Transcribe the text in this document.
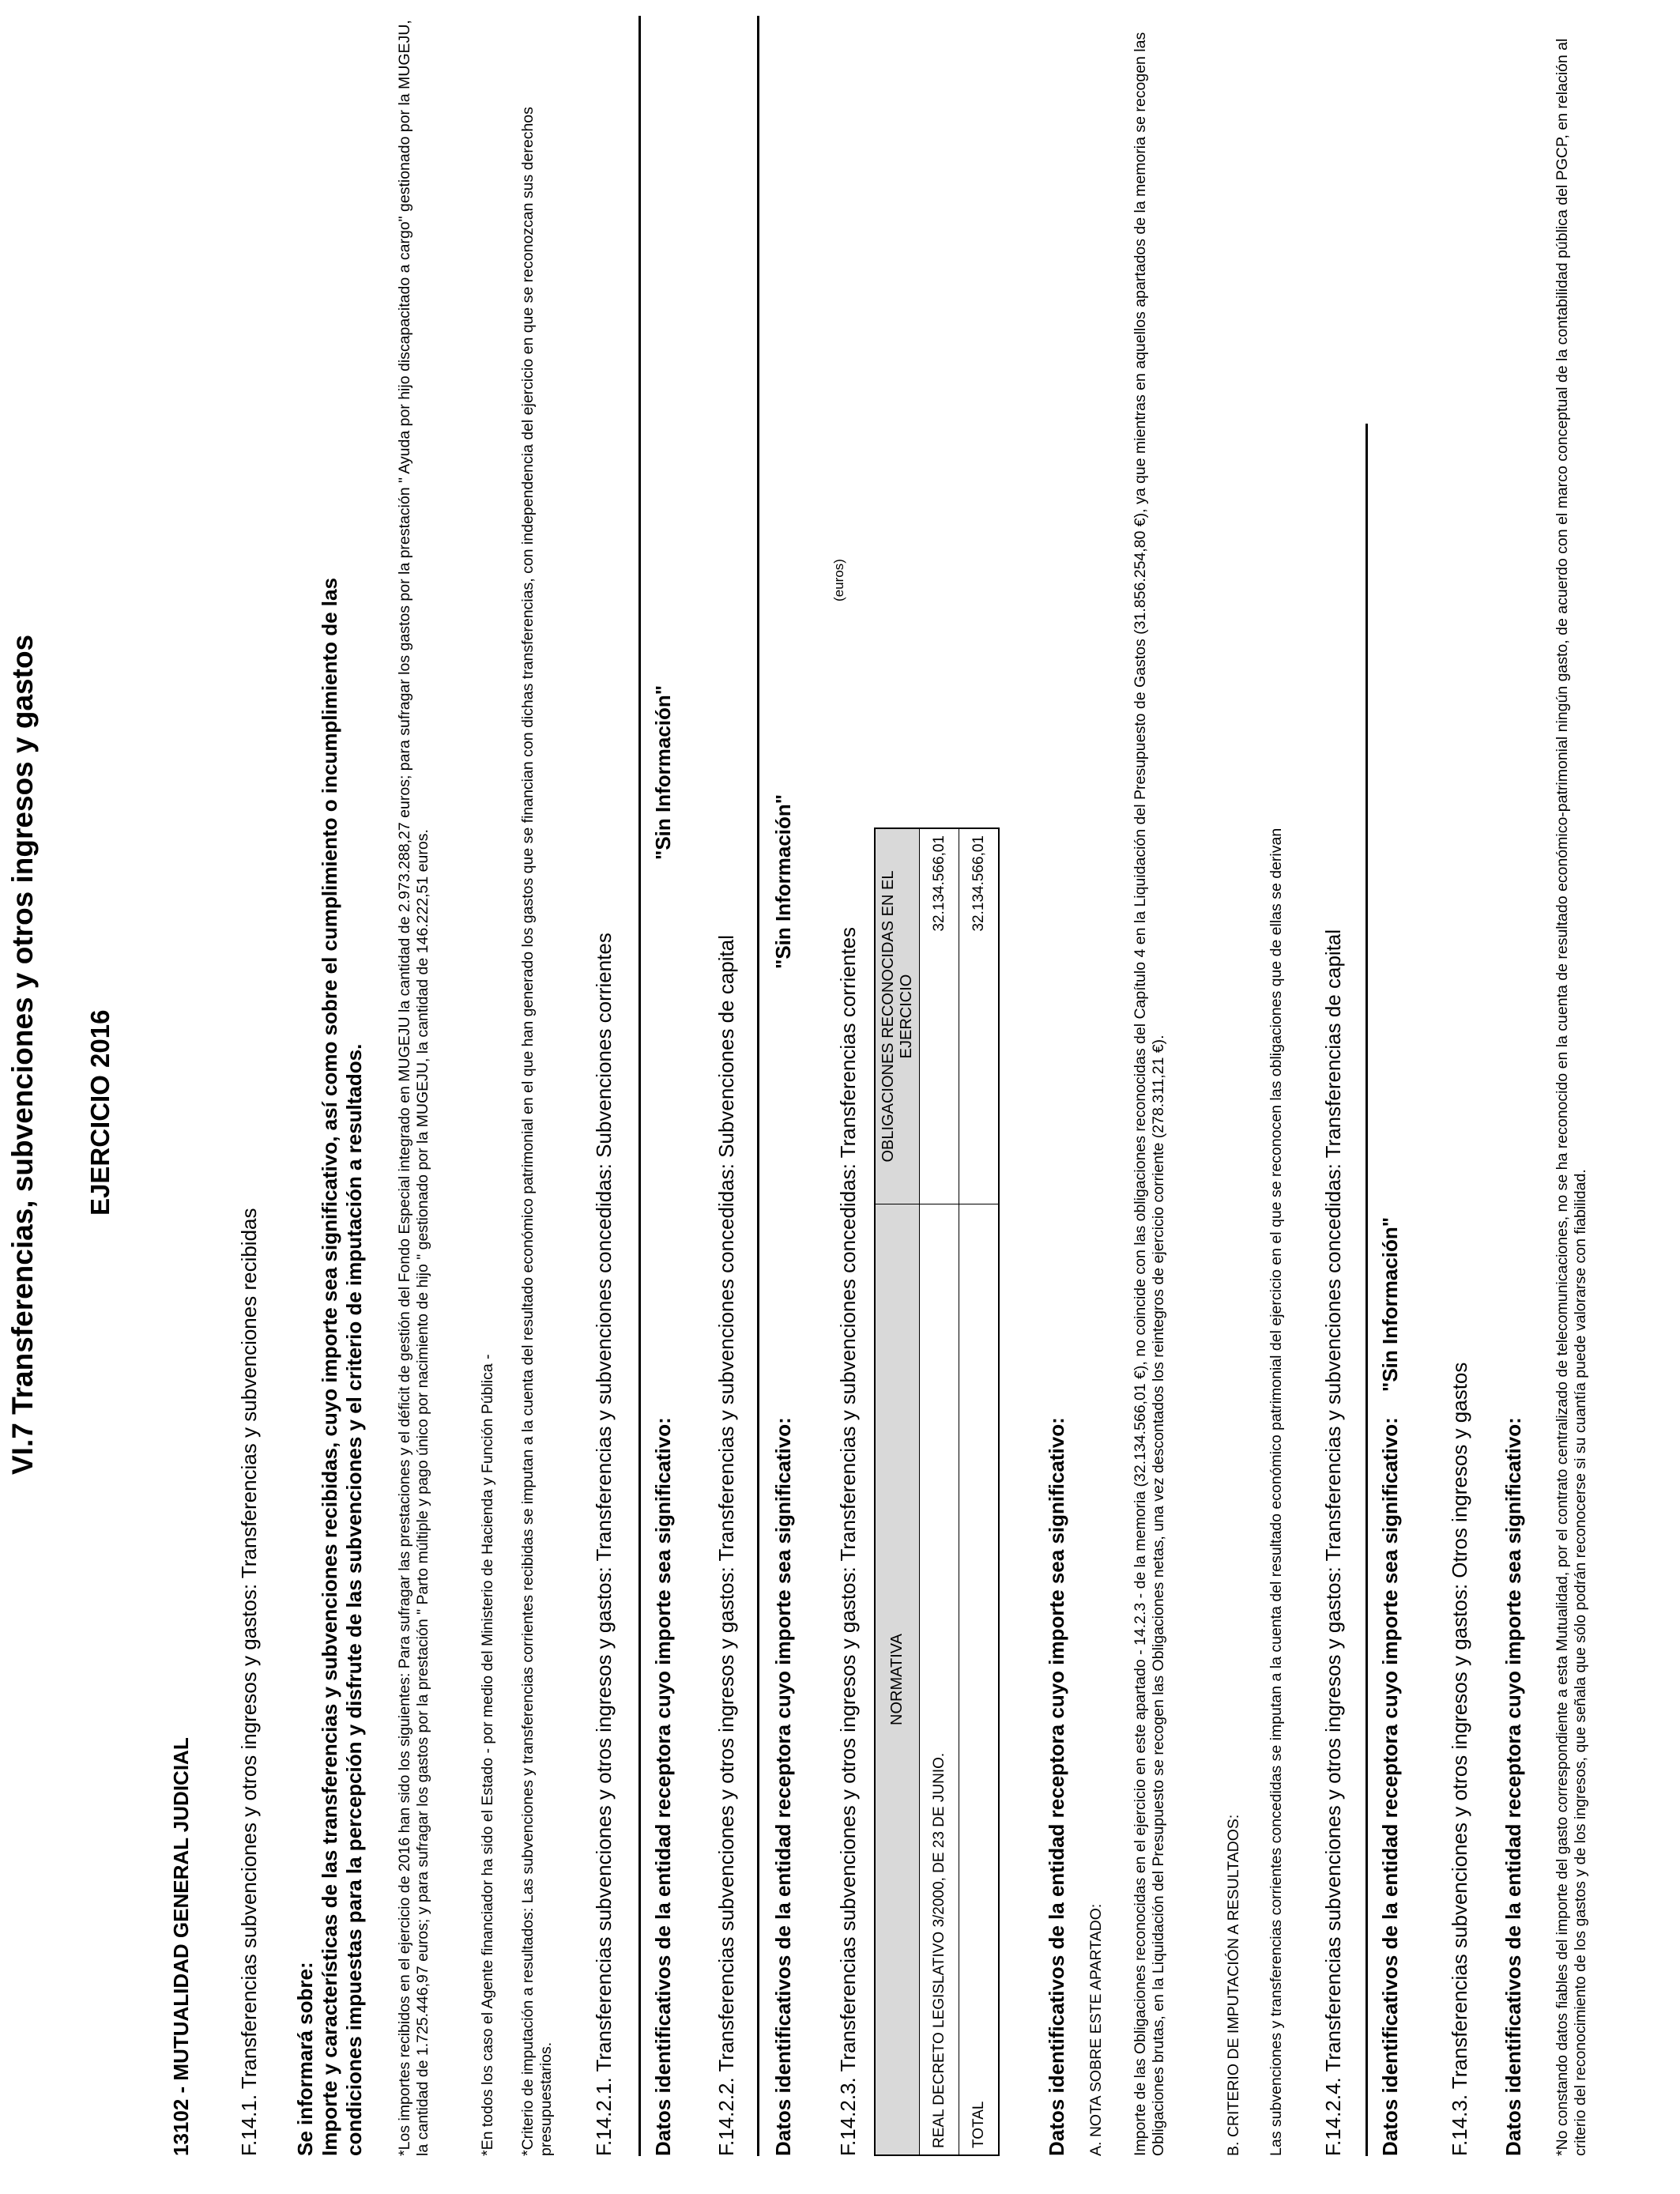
VI.7 Transferencias, subvenciones y otros ingresos y gastos EJERCICIO 2016
13102 - MUTUALIDAD GENERAL JUDICIAL F.14.1. Transferencias subvenciones y otros ingresos y gastos: Transferencias y subvenciones recibidas Se informará sobre: Importe y características de las transferencias y subvenciones recibidas, cuyo importe sea significativo, así como sobre el cumplimiento o incumplimiento de las condiciones impuestas para la percepción y disfrute de las subvenciones y el criterio de imputación a resultados. *Los importes recibidos en el ejercicio de 2016 han sido los siguientes: Para sufragar las prestaciones y el déficit de gestión del Fondo Especial integrado en MUGEJU la cantidad de 2.973.288,27 euros; para sufragar los gastos por la prestación " Ayuda por hijo discapacitado a cargo" gestionado por la MUGEJU, la cantidad de 1.725.446,97 euros; y para sufragar los gastos por la prestación " Parto múltiple y pago único por nacimiento de hijo " gestionado por la MUGEJU, la cantidad de 146.222,51 euros.	*En todos los caso el Agente financiador ha sido el Estado - por medio del Ministerio de Hacienda y Función Pública - *Criterio de imputación a resultados: Las subvenciones y transferencias corrientes recibidas se imputan a la cuenta del resultado económico patrimonial en el que han generado los gastos que se financian con dichas transferencias, con independencia del ejercicio en que se reconozcan sus derechos presupuestarios. F.14.2.1. Transferencias subvenciones y otros ingresos y gastos: Transferencias y subvenciones concedidas: Subvenciones corrientes Datos identificativos de la entidad receptora cuyo importe sea significativo:
"Sin Información"
F.14.2.2. Transferencias subvenciones y otros ingresos y gastos: Transferencias y subvenciones concedidas: Subvenciones de capital Datos identificativos de la entidad receptora cuyo importe sea significativo:
"Sin Información"
F.14.2.3. Transferencias subvenciones y otros ingresos y gastos: Transferencias y subvenciones concedidas: Transferencias corrientes
(euros)
NORMATIVA	OBLIGACIONES RECONOCIDAS EN EL EJERCICIO
REAL DECRETO LEGISLATIVO 3/2000, DE 23 DE JUNIO.	32.134.566,01
TOTAL	32.134.566,01
Datos identificativos de la entidad receptora cuyo importe sea significativo: A. NOTA SOBRE ESTE APARTADO: Importe de las Obligaciones reconocidas en el ejercicio en este apartado - 14.2.3 - de la memoria (32.134.566,01 €), no coincide con las obligaciones reconocidas del Capítulo 4 en la Liquidación del Presupuesto de Gastos (31.856.254,80 €), ya que mientras en aquellos apartados de la memoria se recogen las Obligaciones brutas, en la Liquidación del Presupuesto se recogen las Obligaciones netas, una vez descontados los reintegros de ejercicio corriente (278.311,21 €).	B. CRITERIO DE IMPUTACIÓN A RESULTADOS: Las subvenciones y transferencias corrientes concedidas se imputan a la cuenta del resultado económico patrimonial del ejercicio en el que se reconocen las obligaciones que de ellas se derivan F.14.2.4. Transferencias subvenciones y otros ingresos y gastos: Transferencias y subvenciones concedidas: Transferencias de capital Datos identificativos de la entidad receptora cuyo importe sea significativo:
"Sin Información"
F.14.3. Transferencias subvenciones y otros ingresos y gastos: Otros ingresos y gastos Datos identificativos de la entidad receptora cuyo importe sea significativo: *No constando datos fiables del importe del gasto correspondiente a esta Mutualidad, por el contrato centralizado de telecomunicaciones, no se ha reconocido en la cuenta de resultado económico-patrimonial ningún gasto, de acuerdo con el marco conceptual de la contabilidad pública del PGCP, en relación al criterio del reconocimiento de los gastos y de los ingresos, que señala que sólo podrán reconocerse si su cuantía puede valorarse con fiabilidad.
